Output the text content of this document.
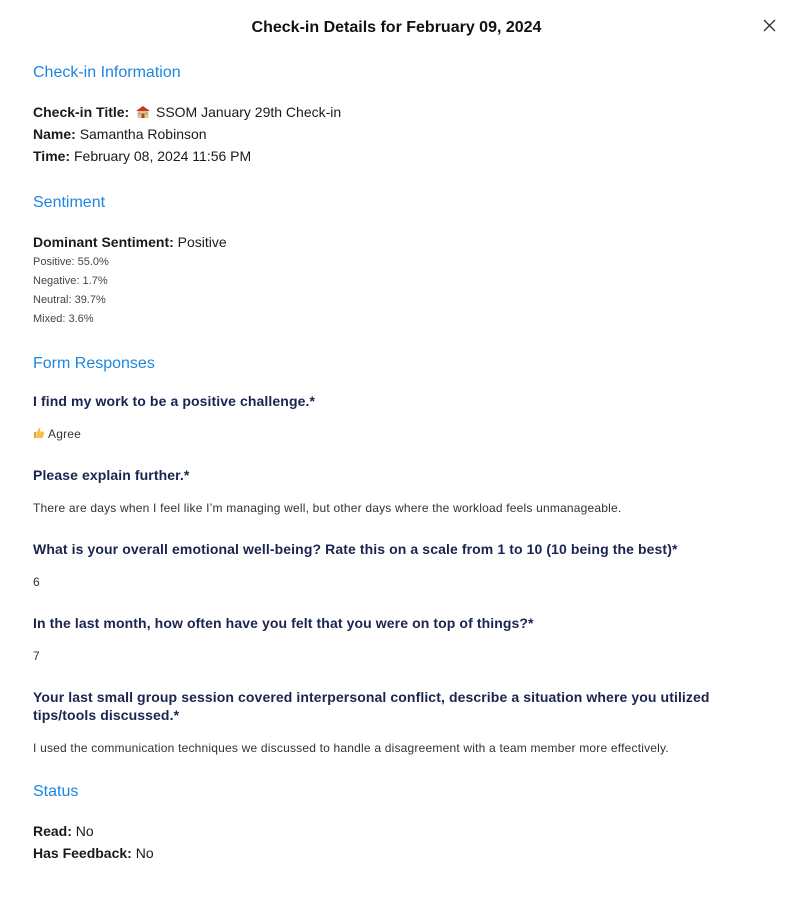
Check-in Details for February 09, 2024
Check-in Information
Check-in Title: SSOM January 29th Check-in
Name: Samantha Robinson
Time: February 08, 2024 11:56 PM
Sentiment
Dominant Sentiment: Positive
Positive: 55.0%
Negative: 1.7%
Neutral: 39.7%
Mixed: 3.6%
Form Responses
I find my work to be a positive challenge.*
Agree
Please explain further.*
There are days when I feel like I’m managing well, but other days where the workload feels unmanageable.
What is your overall emotional well-being? Rate this on a scale from 1 to 10 (10 being the best)*
6
In the last month, how often have you felt that you were on top of things?*
7
Your last small group session covered interpersonal conflict, describe a situation where you utilized tips/tools discussed.*
I used the communication techniques we discussed to handle a disagreement with a team member more effectively.
Status
Read: No
Has Feedback: No
